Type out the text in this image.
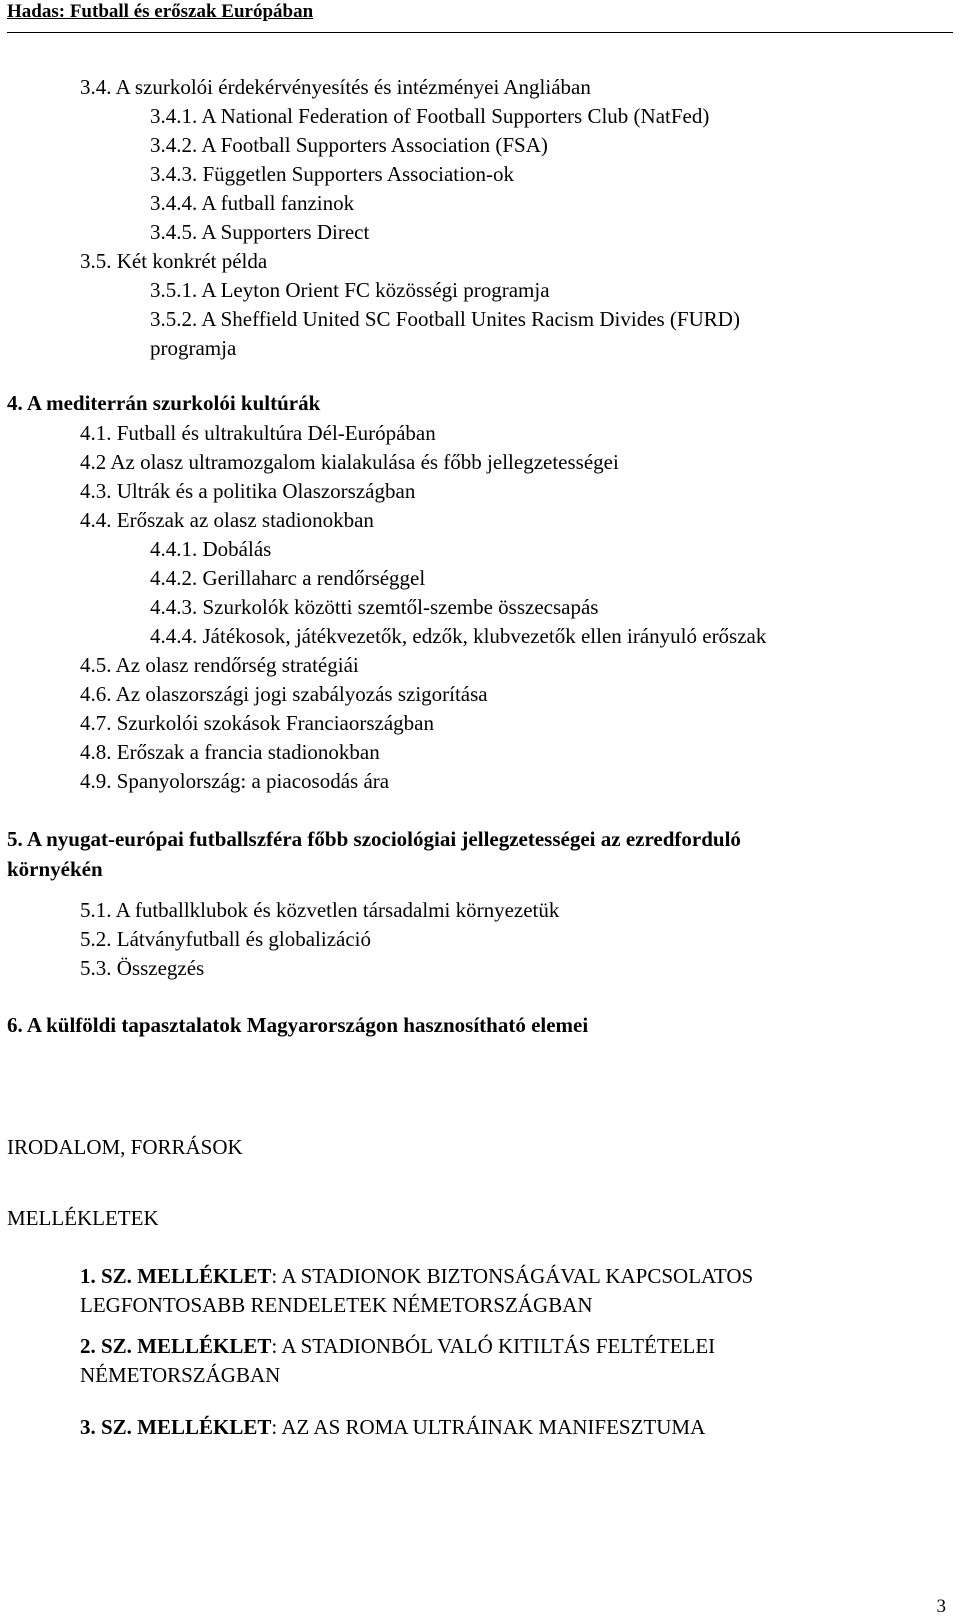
Hadas: Futball és erőszak Európában
3.4. A szurkolói érdekérvényesítés és intézményei Angliában
3.4.1. A National Federation of Football Supporters Club (NatFed)
3.4.2. A Football Supporters Association (FSA)
3.4.3. Független Supporters Association-ok
3.4.4. A futball fanzinok
3.4.5. A Supporters Direct
3.5. Két konkrét példa
3.5.1. A Leyton Orient FC közösségi programja
3.5.2. A Sheffield United SC Football Unites Racism Divides (FURD)
programja
4. A mediterrán szurkolói kultúrák
4.1. Futball és ultrakultúra Dél-Európában
4.2 Az olasz ultramozgalom kialakulása és főbb jellegzetességei
4.3. Ultrák és a politika Olaszországban
4.4. Erőszak az olasz stadionokban
4.4.1. Dobálás
4.4.2. Gerillaharc a rendőrséggel
4.4.3. Szurkolók közötti szemtől-szembe összecsapás
4.4.4. Játékosok, játékvezetők, edzők, klubvezetők ellen irányuló erőszak
4.5. Az olasz rendőrség stratégiái
4.6. Az olaszországi jogi szabályozás szigorítása
4.7. Szurkolói szokások Franciaországban
4.8. Erőszak a francia stadionokban
4.9. Spanyolország: a piacosodás ára
5. A nyugat-európai futballszféra főbb szociológiai jellegzetességei az ezredforduló
környékén
5.1. A futballklubok és közvetlen társadalmi környezetük
5.2. Látványfutball és globalizáció
5.3. Összegzés
6. A külföldi tapasztalatok Magyarországon hasznosítható elemei
IRODALOM, FORRÁSOK
MELLÉKLETEK
1. SZ. MELLÉKLET: A STADIONOK BIZTONSÁGÁVAL KAPCSOLATOS
LEGFONTOSABB RENDELETEK NÉMETORSZÁGBAN
2. SZ. MELLÉKLET: A STADIONBÓL VALÓ KITILTÁS FELTÉTELEI
NÉMETORSZÁGBAN
3. SZ. MELLÉKLET: AZ AS ROMA ULTRÁINAK MANIFESZTUMA
3
